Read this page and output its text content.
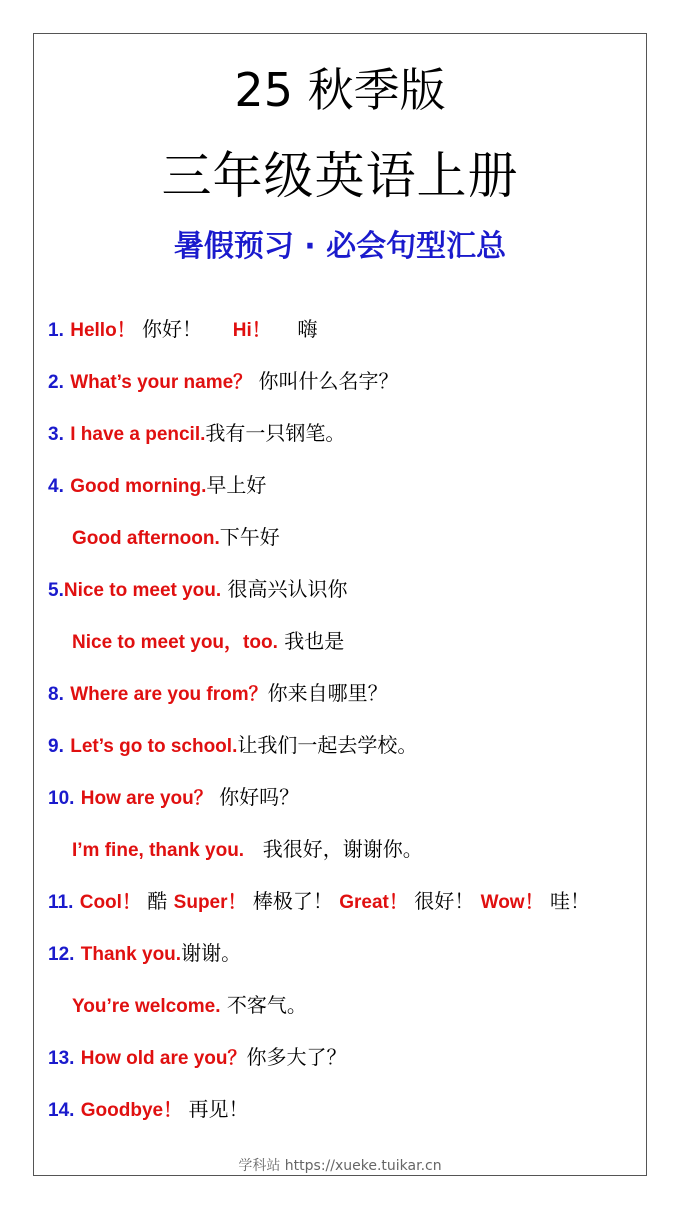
25 秋季版
三年级英语上册
暑假预习 · 必会句型汇总
1. Hello！ 你好！ Hi！ 嗨
2. What’s your name？ 你叫什么名字？
3. I have a pencil.我有一只钢笔。
4. Good morning.早上好
Good afternoon.下午好
5.Nice to meet you. 很高兴认识你
Nice to meet you，too. 我也是
8. Where are you from？你来自哪里？
9. Let’s go to school.让我们一起去学校。
10. How are you？ 你好吗？
I’m fine, thank you. 我很好，谢谢你。
11. Cool！ 酷 Super！ 棒极了！ Great！ 很好！ Wow！ 哇！
12. Thank you.谢谢。
You’re welcome. 不客气。
13. How old are you？你多大了？
14. Goodbye！ 再见！
学科站 https://xueke.tuikar.cn
